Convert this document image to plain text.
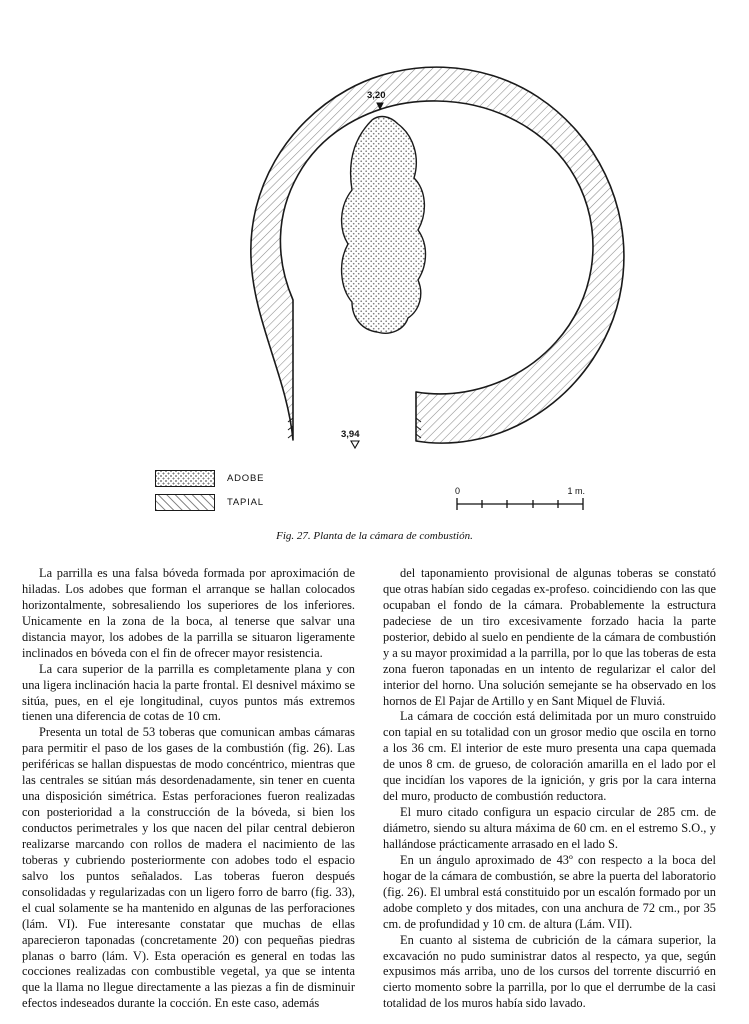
3,20
3,94
ADOBE
TAPIAL
0	1 m.
Fig. 27. Planta de la cámara de combustión.

La parrilla es una falsa bóveda formada por aproximación de hiladas. Los adobes que forman el arranque se hallan colocados horizontalmente, sobresaliendo los superiores de los inferiores. Unicamente en la zona de la boca, al tenerse que salvar una distancia mayor, los adobes de la parrilla se situaron ligeramente inclinados en bóveda con el fin de ofrecer mayor resistencia.

La cara superior de la parrilla es completamente plana y con una ligera inclinación hacia la parte frontal. El desnivel máximo se sitúa, pues, en el eje longitudinal, cuyos puntos más extremos tienen una diferencia de cotas de 10 cm.

Presenta un total de 53 toberas que comunican ambas cámaras para permitir el paso de los gases de la combustión (fig. 26). Las periféricas se hallan dispuestas de modo concéntrico, mientras que las centrales se sitúan más desordenadamente, sin tener en cuenta una disposición simétrica. Estas perforaciones fueron realizadas con posterioridad a la construcción de la bóveda, si bien los conductos perimetrales y los que nacen del pilar central debieron realizarse marcando con rollos de madera el nacimiento de las toberas y cubriendo posteriormente con adobes todo el espacio salvo los puntos señalados. Las toberas fueron después consolidadas y regularizadas con un ligero forro de barro (fig. 33), el cual solamente se ha mantenido en algunas de las perforaciones (lám. VI). Fue interesante constatar que muchas de ellas aparecieron taponadas (concretamente 20) con pequeñas piedras planas o barro (lám. V). Esta operación es general en todas las cocciones realizadas con combustible vegetal, ya que se intenta que la llama no llegue directamente a las piezas a fin de disminuir efectos indeseados durante la cocción. En este caso, además

del taponamiento provisional de algunas toberas se constató que otras habían sido cegadas ex-profeso. coincidiendo con las que ocupaban el fondo de la cámara. Probablemente la estructura padeciese de un tiro excesivamente forzado hacia la parte posterior, debido al suelo en pendiente de la cámara de combustión y a su mayor proximidad a la parrilla, por lo que las toberas de esta zona fueron taponadas en un intento de regularizar el calor del interior del horno. Una solución semejante se ha observado en los hornos de El Pajar de Artillo y en Sant Miquel de Fluviá.

La cámara de cocción está delimitada por un muro construido con tapial en su totalidad con un grosor medio que oscila en torno a los 36 cm. El interior de este muro presenta una capa quemada de unos 8 cm. de grueso, de coloración amarilla en el lado por el que incidían los vapores de la ignición, y gris por la cara interna del muro, producto de combustión reductora.

El muro citado configura un espacio circular de 285 cm. de diámetro, siendo su altura máxima de 60 cm. en el estremo S.O., y hallándose prácticamente arrasado en el lado S.

En un ángulo aproximado de 43º con respecto a la boca del hogar de la cámara de combustión, se abre la puerta del laboratorio (fig. 26). El umbral está constituido por un escalón formado por un adobe completo y dos mitades, con una anchura de 72 cm., por 35 cm. de profundidad y 10 cm. de altura (Lám. VII).

En cuanto al sistema de cubrición de la cámara superior, la excavación no pudo suministrar datos al respecto, ya que, según expusimos más arriba, uno de los cursos del torrente discurrió en cierto momento sobre la parrilla, por lo que el derrumbe de la casi totalidad de los muros había sido lavado.
